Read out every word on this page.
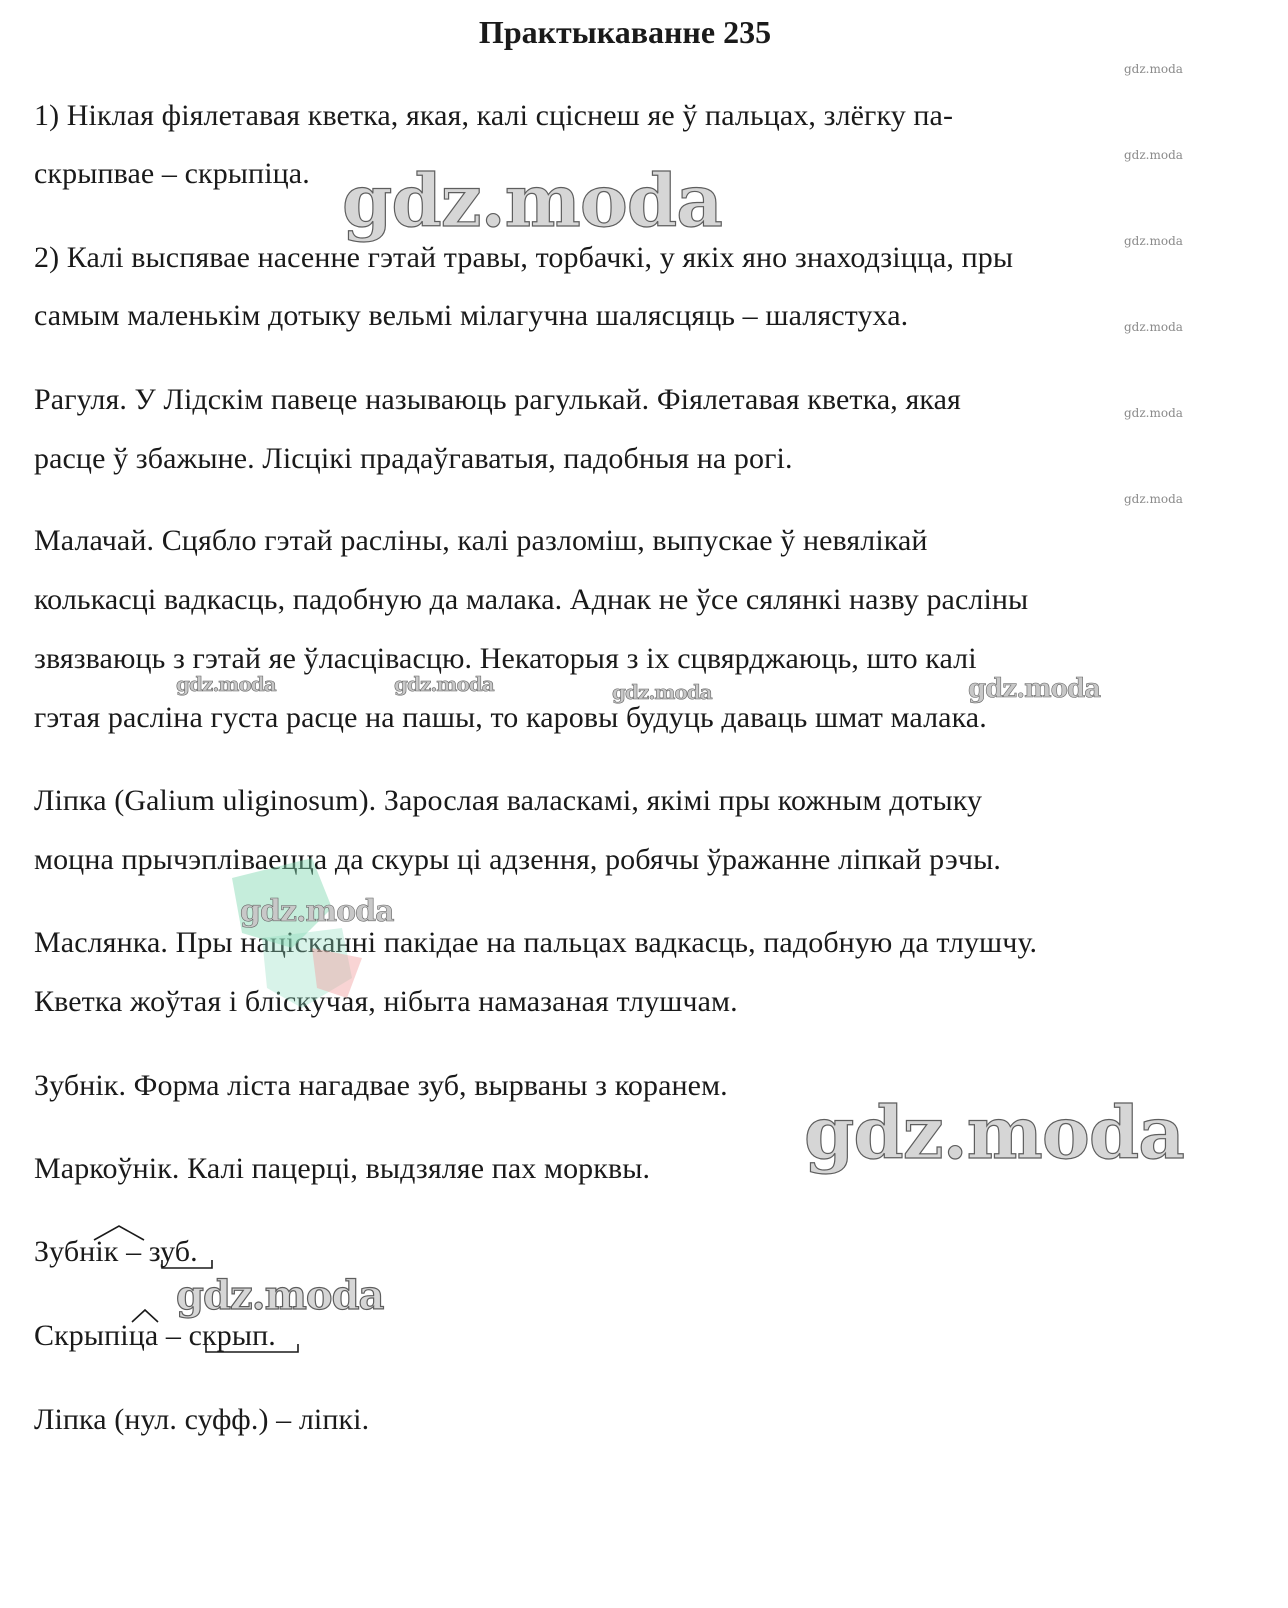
Практыкаванне 235
1) Ніклая фіялетавая кветка, якая, калі сціснеш яе ў пальцах, злёгку па-
скрыпвае – скрыпіца.
2) Калі выспявае насенне гэтай травы, торбачкі, у якіх яно знаходзіцца, пры
самым маленькім дотыку вельмі мілагучна шалясцяць – шалястуха.
Рагуля. У Лідскім павеце называюць рагулькай. Фіялетавая кветка, якая
расце ў збажыне. Лісцікі прадаўгаватыя, падобныя на рогі.
Малачай. Сцябло гэтай расліны, калі разломіш, выпускае ў невялікай
колькасці вадкасць, падобную да малака. Аднак не ўсе сялянкі назву расліны
звязваюць з гэтай яе ўласцівасцю. Некаторыя з іх сцвярджаюць, што калі
гэтая расліна густа расце на пашы, то каровы будуць даваць шмат малака.
Ліпка (Galium uliginosum). Зарослая валаскамі, якімі пры кожным дотыку
моцна прычэпліваецца да скуры ці адзення, робячы ўражанне ліпкай рэчы.
Маслянка. Пры націсканні пакідае на пальцах вадкасць, падобную да тлушчу.
Кветка жоўтая і бліскучая, нібыта намазаная тлушчам.
Зубнік. Форма ліста нагадвае зуб, вырваны з коранем.
Маркоўнік. Калі пацерці, выдзяляе пах морквы.
Зубнік – зуб.
Скрыпіца – скрып.
Ліпка (нул. суфф.) – ліпкі.
gdz.moda
gdz.moda
gdz.moda
gdz.moda
gdz.moda
gdz.moda
gdz.moda
gdz.moda
gdz.moda
gdz.moda
gdz.moda	gdz.moda	gdz.moda	gdz.moda
